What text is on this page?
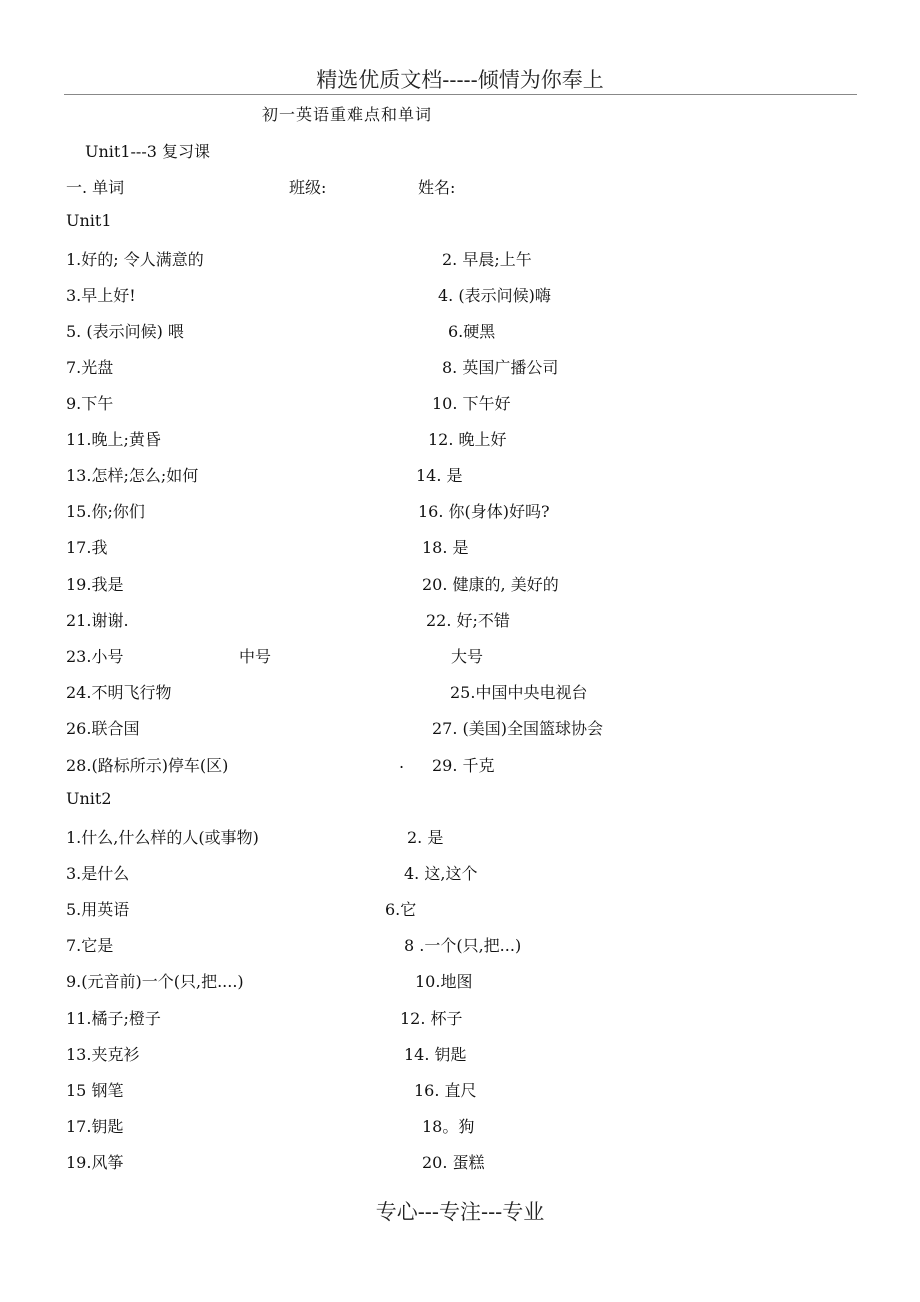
精选优质文档-----倾情为你奉上
初一英语重难点和单词
Unit1---3 复习课
一. 单词	班级:	姓名:
Unit1
1.好的; 令人满意的	2. 早晨;上午
3.早上好!	4. (表示问候)嗨
5. (表示问候) 喂	6.硬黑
7.光盘	8. 英国广播公司
9.下午	10. 下午好
11.晚上;黄昏	12. 晚上好
13.怎样;怎么;如何	14. 是
15.你;你们	16. 你(身体)好吗?
17.我	18. 是
19.我是	20. 健康的, 美好的
21.谢谢.	22. 好;不错
23.小号	中号	大号
24.不明飞行物	25.中国中央电视台
26.联合国	27. (美国)全国篮球协会
28.(路标所示)停车(区)	. 29. 千克
Unit2
1.什么,什么样的人(或事物)	2. 是
3.是什么	4. 这,这个
5.用英语	6.它
7.它是	8 .一个(只,把...)
9.(元音前)一个(只,把....)	10.地图
11.橘子;橙子	12. 杯子
13.夹克衫	14. 钥匙
15 钢笔	16. 直尺
17.钥匙	18。狗
19.风筝	20. 蛋糕
专心---专注---专业
